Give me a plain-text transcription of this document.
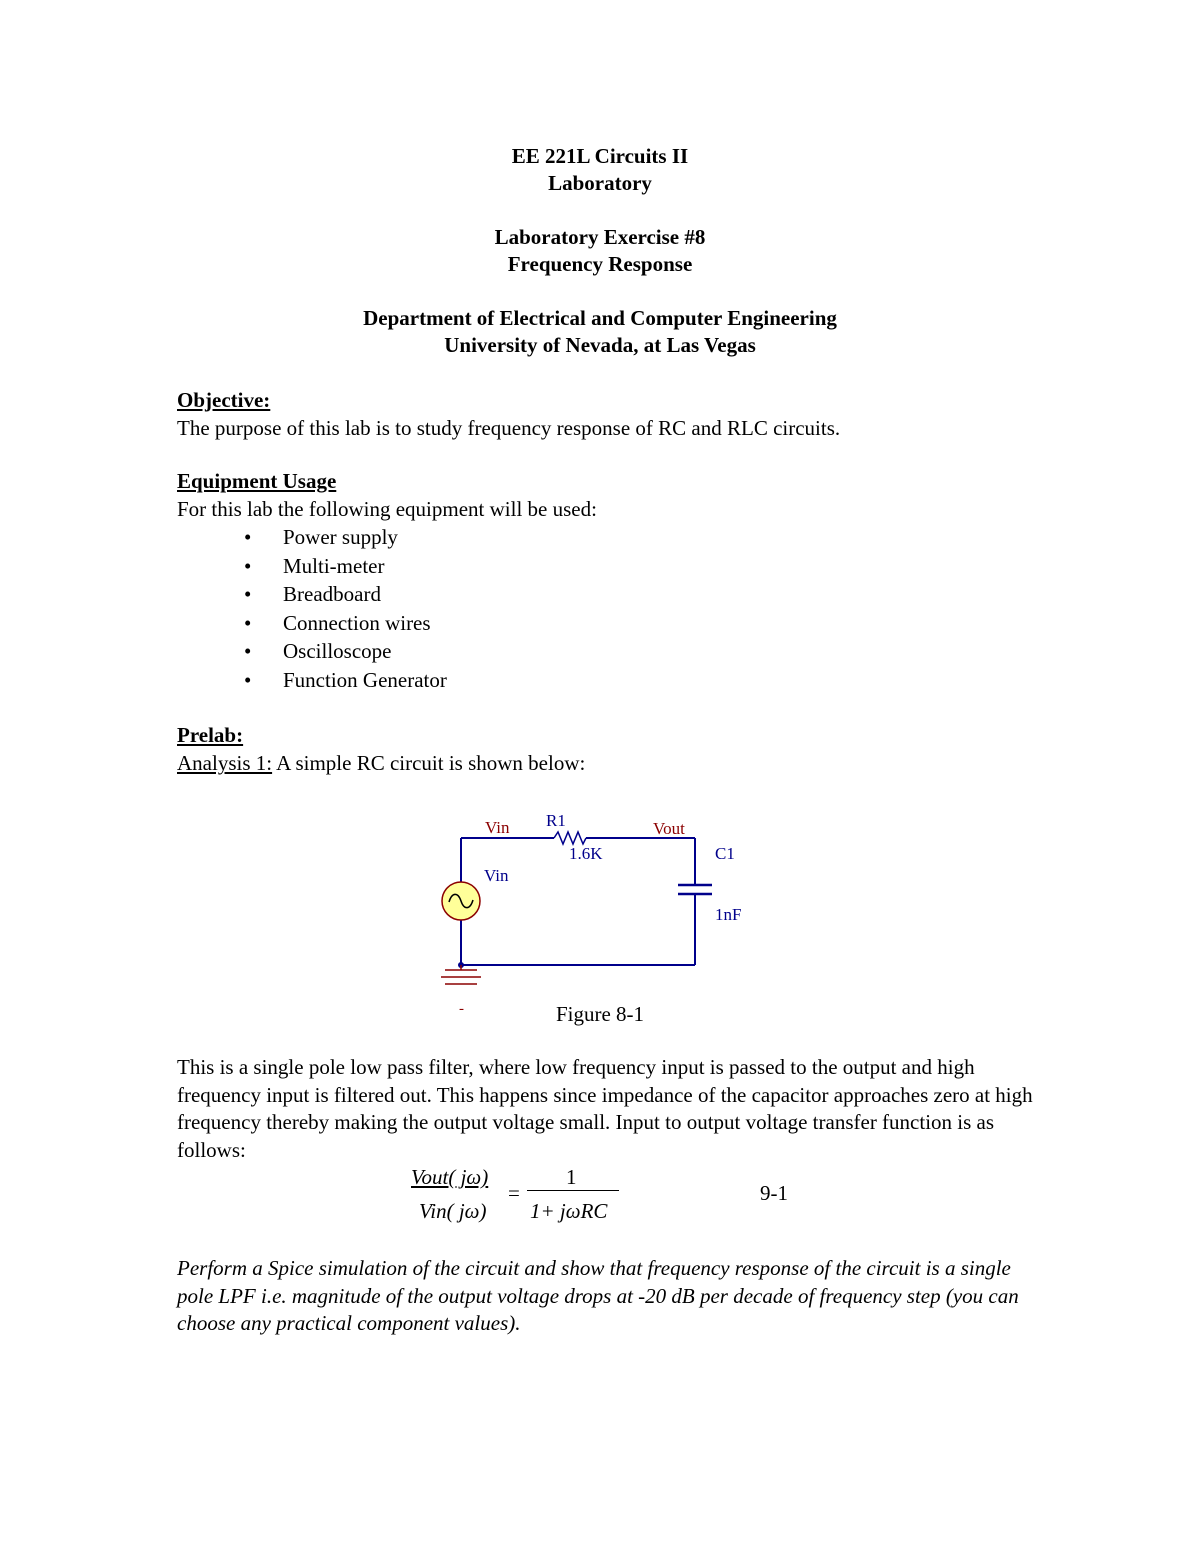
EE 221L Circuits II
Laboratory
Laboratory Exercise #8
Frequency Response
Department of Electrical and Computer Engineering
University of Nevada, at Las Vegas
Objective:
The purpose of this lab is to study frequency response of RC and RLC circuits.
Equipment Usage
For this lab the following equipment will be used:
• Power supply
• Multi-meter
• Breadboard
• Connection wires
• Oscilloscope
• Function Generator
Prelab:
Analysis 1: A simple RC circuit is shown below:
Vin R1
1.6K
Vout
C1
1nF
Vin
-	Figure 8-1
This is a single pole low pass filter, where low frequency input is passed to the output and high frequency input is filtered out. This happens since impedance of the capacitor approaches zero at high frequency thereby making the output voltage small. Input to output voltage transfer function is as follows:
Vout( jω)
Vin( jω)
=
1
1+ jωRC
9-1
Perform a Spice simulation of the circuit and show that frequency response of the circuit is a single pole LPF i.e. magnitude of the output voltage drops at -20 dB per decade of frequency step (you can choose any practical component values).
